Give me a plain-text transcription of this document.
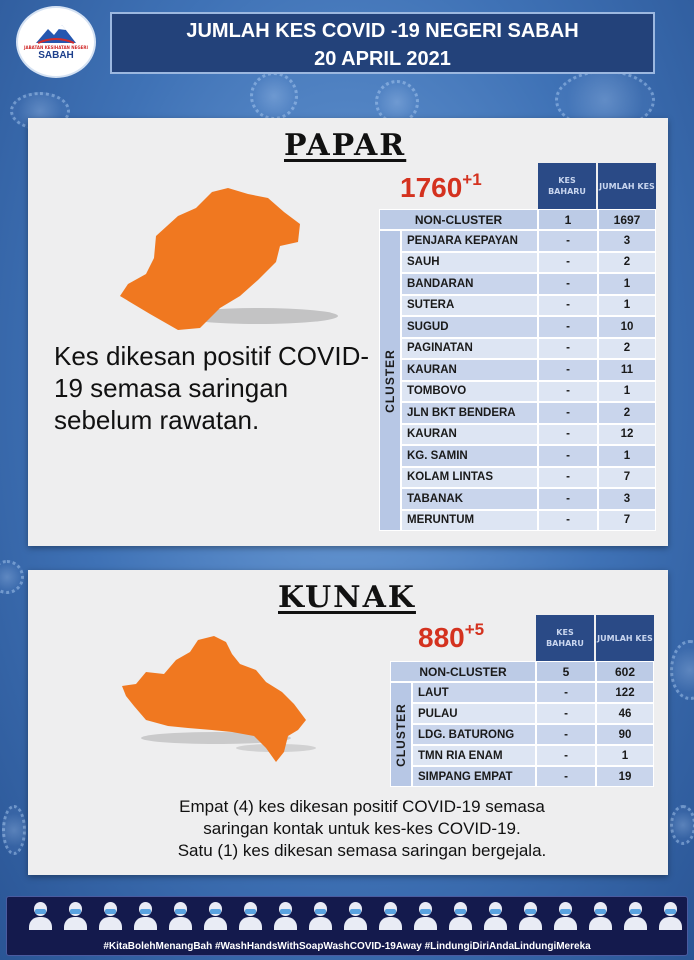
JABATAN KESIHATAN NEGERI
SABAH
JUMLAH KES COVID -19 NEGERI SABAH
20 APRIL 2021
PAPAR
$1760^{+1}$	KES BAHARU
JUMLAH KES
NON-CLUSTER	1	1697
CLUSTER
PENJARA KEPAYAN	-	3
SAUH	-	2
BANDARAN	-	1
SUTERA	-	1
SUGUD	-	10
PAGINATAN	-	2
KAURAN	-	11
TOMBOVO	-	1
JLN BKT BENDERA	-	2
KAURAN	-	12
KG. SAMIN	-	1
KOLAM LINTAS	-	7
TABANAK	-	3
MERUNTUM	-	7
Kes dikesan positif COVID-19 semasa saringan sebelum rawatan.
KUNAK
$880^{+5}$	KES BAHARU
JUMLAH KES
NON-CLUSTER	5	602
CLUSTER
LAUT	-	122
PULAU	-	46
LDG. BATURONG	-	90
TMN RIA ENAM	-	1
SIMPANG EMPAT	-	19

Empat (4) kes dikesan positif COVID-19 semasa

saringan kontak untuk kes-kes COVID-19.

Satu (1) kes dikesan semasa saringan bergejala.

#KitaBolehMenangBah #WashHandsWithSoapWashCOVID-19Away #LindungiDiriAndaLindungiMereka
